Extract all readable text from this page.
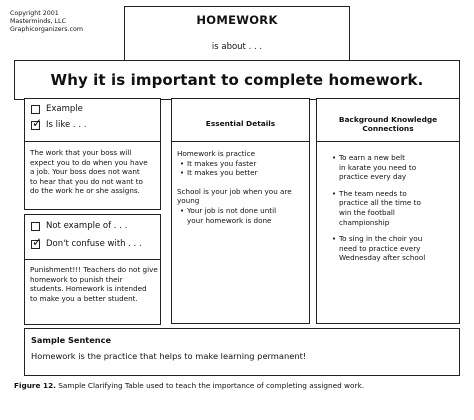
Copyright 2001
Masterminds, LLC
Graphicorganizers.com
HOMEWORK
is about . . .
Why it is important to complete homework.
Example
✓ Is like . . .
The work that your boss will
expect you to do when you have
a job. Your boss does not want
to hear that you do not want to
do the work he or she assigns.
Not example of . . .
✓ Don't confuse with . . .
Punishment!!! Teachers do not give
homework to punish their
students. Homework is intended
to make you a better student.
Essential Details
Homework is practice
• It makes you faster
• It makes you better
School is your job when you are
young
• Your job is not done until
your homework is done
Background Knowledge
Connections
• To earn a new belt
in karate you need to
practice every day
• The team needs to
practice all the time to
win the football
championship
• To sing in the choir you
need to practice every
Wednesday after school
Sample Sentence
Homework is the practice that helps to make learning permanent!
Figure 12. Sample Clarifying Table used to teach the importance of completing assigned work.
